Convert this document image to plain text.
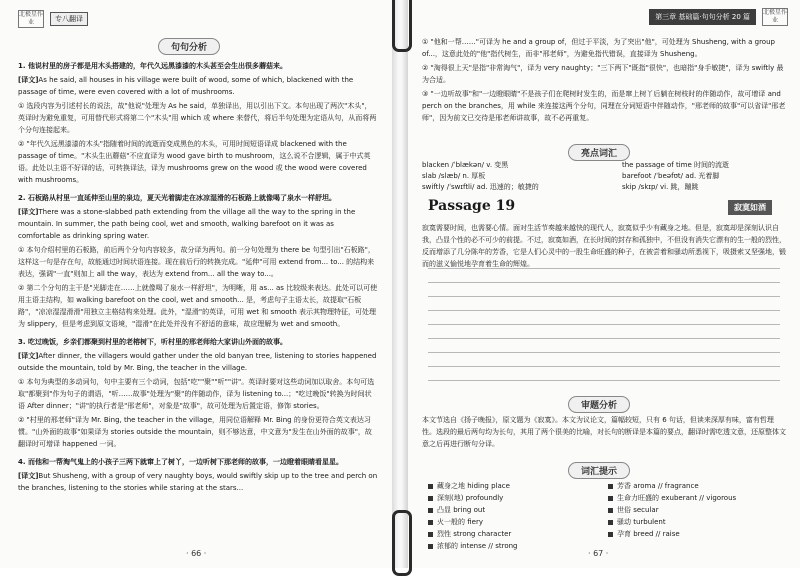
北极星作业	专八翻译
句句分析

1. 他说村里的房子都是用木头搭建的，年代久远黑漆漆的木头甚至会生出很多蘑菇来。

[译文]As he said, all houses in his village were built of wood, some of which, blackened with the passage of time, were even covered with a lot of mushrooms.

① 选段内容为引述村长的说法，故"他说"处理为 As he said，单独译出，用以引出下文。本句出现了两次"木头"，英译时为避免重复，可用替代形式将第二个"木头"用 which 或 where 来替代，将后半句处理为定语从句，从而将两个分句连接起来。

② "年代久远黑漆漆的木头"指随着时间的流逝而变成黑色的木头，可用时间短语译成 blackened with the passage of time。"木头生出蘑菇"不应直译为 wood gave birth to mushroom，这么说不合逻辑，属于中式英语。此处以主语不好译的话，可转换译法，译为 mushrooms grew on the wood 或 the wood were covered with mushrooms。

2. 石板路从村里一直延伸至山里的泉边，夏天光着脚走在冰凉湿滑的石板路上就像喝了泉水一样舒坦。

[译文]There was a stone-slabbed path extending from the village all the way to the spring in the mountain. In summer, the path being cool, wet and smooth, walking barefoot on it was as comfortable as drinking spring water.

① 本句介绍村里的石板路，前后两个分句内容较多，故分译为两句。前一分句处理为 there be 句型引出"石板路"，这样这一句是存在句，故能通过时间状语连接。现在前后行的转换完成。"延伸"可用 extend from... to... 的结构来表达，强调"一直"则加上 all the way，表达为 extend from... all the way to...。

② 第二个分句的主干是"光脚走在……上就像喝了泉水一样舒坦"，为明晰，用 as... as 比较级来表达。此处可以可使用主语主结构，如 walking barefoot on the cool, wet and smooth... 是，考虑句子主语太长，故提取"石板路"，"凉凉湿湿滑滑"用独立主格结构来处理。此外，"湿滑"的英译，可用 wet 和 smooth 表示其物理特征，可处理为 slippery，但是考虑到原文语境，"湿滑"在此处并没有不舒适的意味，故应理解为 wet and smooth。

3. 吃过晚饭，乡亲们都聚到村里的老榕树下，听村里的邢老师给大家讲山外面的故事。

[译文]After dinner, the villagers would gather under the old banyan tree, listening to stories happened outside the mountain, told by Mr. Bing, the teacher in the village.

① 本句为典型的多动词句，句中主要有三个动词，包括"吃""聚""听""讲"。英译时要对这些动词加以取舍。本句可选取"都聚到"作为句子的谓语，"听……故事"处理为"聚"的伴随动作，译为 listening to...；"吃过晚饭"转换为时间状语 After dinner；"讲"的执行者是"邢老师"，对象是"故事"，故可处理为后置定语，修饰 stories。

② "村里的邢老师"译为 Mr. Bing, the teacher in the village，用同位语解释 Mr. Bing 的身份更符合英文表达习惯。"山外面的故事"如果译为 stories outside the mountain，则不够达意，中文意为"发生在山外面的故事"，故翻译时可增译 happened 一词。

4. 而他和一帮淘气鬼上的小孩子三两下就窜上了树丫，一边听树下那老师的故事，一边瞪着眼睛看星星。

[译文]But Shusheng, with a group of very naughty boys, would swiftly skip up to the tree and perch on the branches, listening to the stories while staring at the stars...

· 66 ·
第三章 基础篇·句句分析 20 篇
北极星作业

① "他和一帮……"可译为 he and a group of，但过于平淡，为了突出"他"，可处理为 Shusheng, with a group of...，这意此处的"他"指代树生，而非"邢老师"，为避免指代错误，直接译为 Shusheng。

② "淘得很上天"是指"非常淘气"，译为 very naughty；"三下两下"既指"很快"，也暗指"身手敏捷"，译为 swiftly 最为合适。

③ "一边听故事"和"一边瞪眼睛"不是孩子们在爬树时发生的，而是窜上树丫后躺在树枝时的伴随动作，故可增译 and perch on the branches，用 while 来连接这两个分句，同理在分词短语中伴随动作，"邢老师的故事"可以省译"邢老师"，因为前文已交待是邢老师讲故事，故不必再重复。

亮点词汇
blacken /ˈblækən/ v. 变黑	the passage of time 时间的流逝
slab /slæb/ n. 厚板	barefoot /ˈbeəfʊt/ ad. 光着脚
swiftly /ˈswɪftli/ ad. 迅速的；敏捷的	skip /skɪp/ vi. 跳，蹦跳
Passage 19	寂寞如酒
寂寞需要时间，也需要心情。面对生活节奏越来越快的现代人，寂寞似乎少有藏身之地。但是，寂寞却是深刻认识自我，凸显个性的必不可少的前提。不过，寂寞如酒，在长时间的封存和孤独中，不但没有消失它漂有的生一般的烈性，反而增添了几分陈年的芳香，它是人们心灵中的一股生命旺盛的种子，在被尝着和骚动所悉视下，吸摄索又坚强地，锻而的滋义愉悦地孕育着生命的辉煌。
审题分析
本文节选自《扬子晚报》，原文题为《寂寞》。本文为议论文，篇幅较短，只有 6 句话，但读来深厚有味，富有哲理性。选段的最后两句均为长句，其用了两个很美的比喻，对长句的断译是本篇的要点，翻译时需吃透文意，还原整体文意之后再进行断句分译。
词汇提示
藏身之地 hiding place
深刻(地) profoundly
凸显 bring out
火一般的 fiery
烈性 strong character
浓郁的 intense // strong
芳香 aroma // fragrance
生命力旺盛的 exuberant // vigorous
世俗 secular
骚动 turbulent
孕育 breed // raise
· 67 ·
